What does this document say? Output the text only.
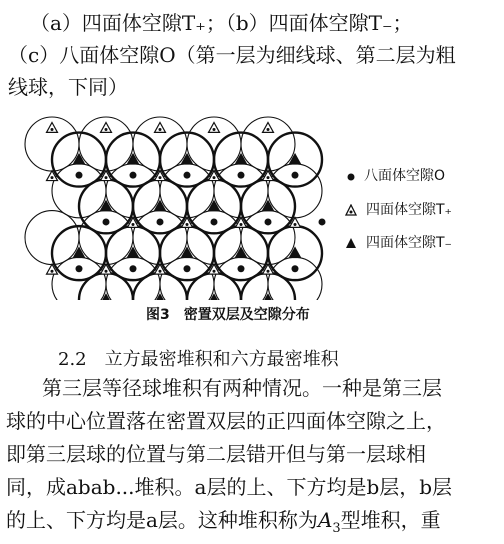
（a）四面体空隙T₊；（b）四面体空隙T₋；
（c）八面体空隙O（第一层为细线球、第二层为粗
线球，下同）
八面体空隙O
四面体空隙T₊
四面体空隙T₋
图3　密置双层及空隙分布
2.2　立方最密堆积和六方最密堆积
第三层等径球堆积有两种情况。一种是第三层
球的中心位置落在密置双层的正四面体空隙之上，
即第三层球的位置与第二层错开但与第一层球相
同，成abab...堆积。a层的上、下方均是b层，b层
的上、下方均是a层。这种堆积称为$A_3$型堆积，重
